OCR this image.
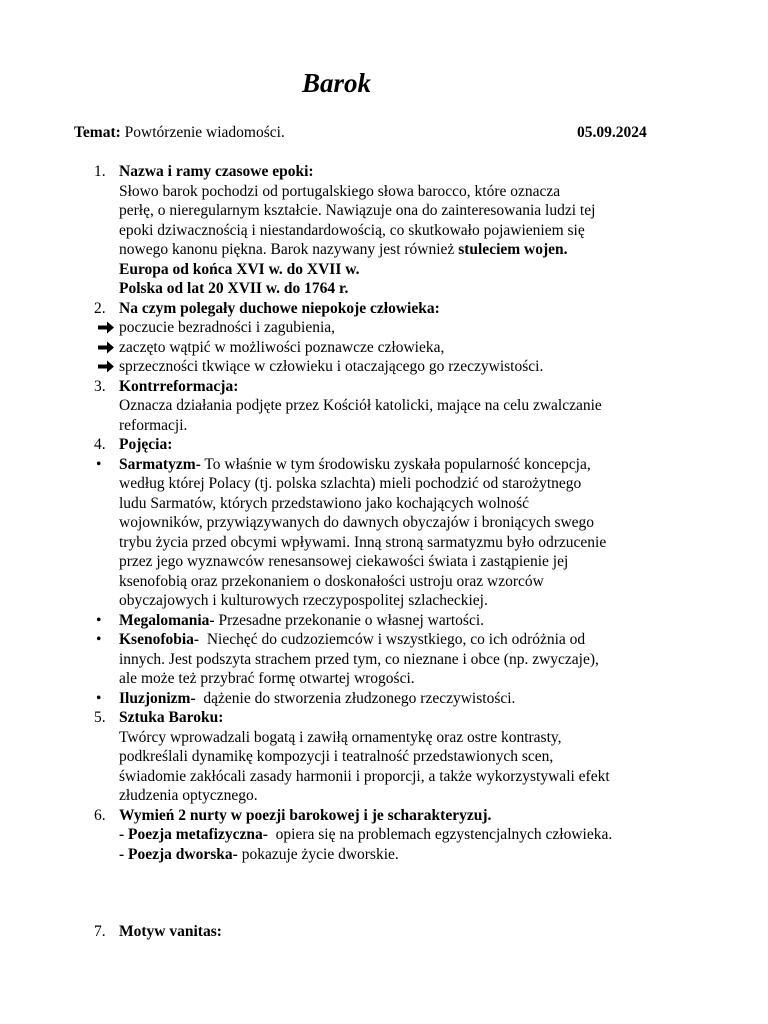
Barok
Temat: Powtórzenie wiadomości.	05.09.2024
1. Nazwa i ramy czasowe epoki:
Słowo barok pochodzi od portugalskiego słowa barocco, które oznacza
perłę, o nieregularnym kształcie. Nawiązuje ona do zainteresowania ludzi tej
epoki dziwacznością i niestandardowością, co skutkowało pojawieniem się
nowego kanonu piękna. Barok nazywany jest również stuleciem wojen.
Europa od końca XVI w. do XVII w.
Polska od lat 20 XVII w. do 1764 r.
2. Na czym polegały duchowe niepokoje człowieka:
poczucie bezradności i zagubienia,
zaczęto wątpić w możliwości poznawcze człowieka,
sprzeczności tkwiące w człowieku i otaczającego go rzeczywistości.
3. Kontrreformacja:
Oznacza działania podjęte przez Kościół katolicki, mające na celu zwalczanie
reformacji.
4. Pojęcia:
• Sarmatyzm- To właśnie w tym środowisku zyskała popularność koncepcja,
według której Polacy (tj. polska szlachta) mieli pochodzić od starożytnego
ludu Sarmatów, których przedstawiono jako kochających wolność
wojowników, przywiązywanych do dawnych obyczajów i broniących swego
trybu życia przed obcymi wpływami. Inną stroną sarmatyzmu było odrzucenie
przez jego wyznawców renesansowej ciekawości świata i zastąpienie jej
ksenofobią oraz przekonaniem o doskonałości ustroju oraz wzorców
obyczajowych i kulturowych rzeczypospolitej szlacheckiej.
• Megalomania- Przesadne przekonanie o własnej wartości.
• Ksenofobia-  Niechęć do cudzoziemców i wszystkiego, co ich odróżnia od
innych. Jest podszyta strachem przed tym, co nieznane i obce (np. zwyczaje),
ale może też przybrać formę otwartej wrogości.
• Iluzjonizm-  dążenie do stworzenia złudzonego rzeczywistości.
5. Sztuka Baroku:
Twórcy wprowadzali bogatą i zawiłą ornamentykę oraz ostre kontrasty,
podkreślali dynamikę kompozycji i teatralność przedstawionych scen,
świadomie zakłócali zasady harmonii i proporcji, a także wykorzystywali efekt
złudzenia optycznego.
6. Wymień 2 nurty w poezji barokowej i je scharakteryzuj.
- Poezja metafizyczna-  opiera się na problemach egzystencjalnych człowieka.
- Poezja dworska- pokazuje życie dworskie.
7. Motyw vanitas:
